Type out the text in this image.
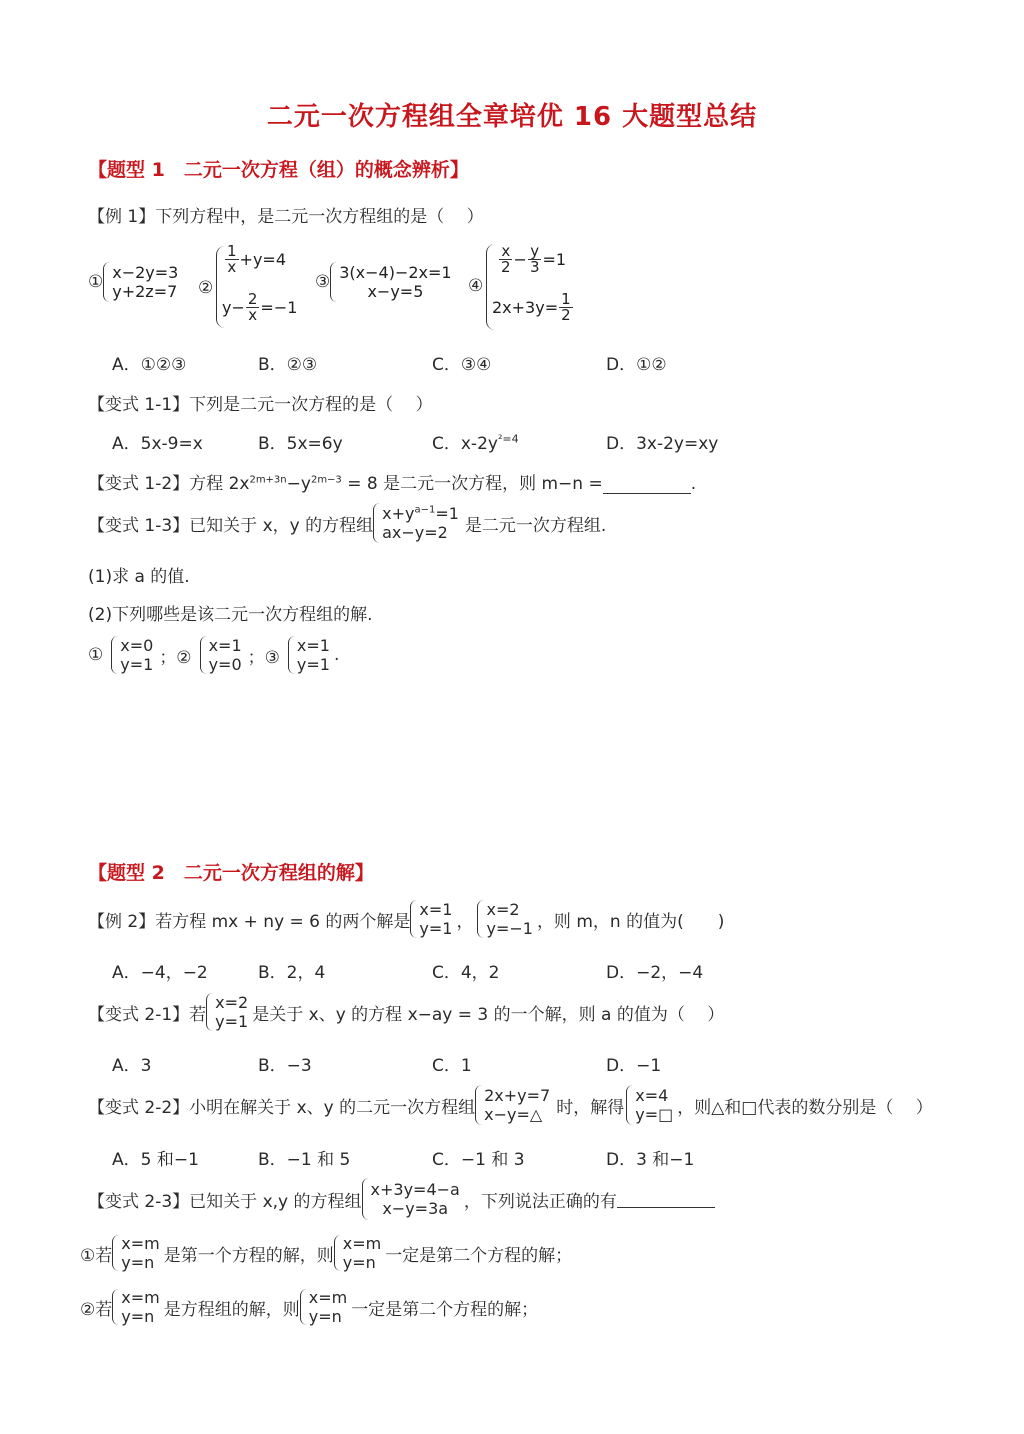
二元一次方程组全章培优 16 大题型总结
【题型 1　二元一次方程（组）的概念辨析】
【例 1】下列方程中，是二元一次方程组的是（　 ）
① x−2y=3
y+2z=7 ②
$\frac{1}{x} +y=4$
$y- \frac{2}{x} =-1$
③ 3(x−4)−2x=1
x−y=5	④
$\frac{x}{2} - \frac{y}{3} =1$
$2x+3y= \frac{1}{2}$
A．①②③	B．②③	C．③④	D．①②
【变式 1-1】下列是二元一次方程的是（　 ）
A．5x-9=x	B．5x=6y	C．$x-2y^{^2=4}$	D．3x-2y=xy
【变式 1-2】方程 $2x^{2m+3n}-y^{2m-3} = 8$ 是二元一次方程，则 m−n =	.
【变式 1-3】已知关于 x，y 的方程组
$x+y^{a-1}=1$
ax−y=2	是二元一次方程组.
(1)求 a 的值.
(2)下列哪些是该二元一次方程组的解.
① x=0
y=1 ；②
x=1
y=0 ；③
x=1
y=1 .
【题型 2　二元一次方程组的解】
【例 2】若方程 mx + ny = 6 的两个解是
x=1
y=1 ，
x=2
y=−1 ，则 m，n 的值为(　　)
A．−4，−2	B．2，4	C．4，2	D．−2，−4
【变式 2-1】若
x=2
y=1 是关于 x、y 的方程 x−ay = 3 的一个解，则 a 的值为（　 ）
A．3	B．−3	C．1	D．−1
【变式 2-2】小明在解关于 x、y 的二元一次方程组
2x+y=7
x−y=△ 时，解得
x=4
y=□ ，则△和□代表的数分别是（　 ）
A．5 和−1	B．−1 和 5	C．−1 和 3	D．3 和−1
【变式 2-3】已知关于 x,y 的方程组
x+3y=4−a
x−y=3a ，下列说法正确的有
①若
x=m
y=n 是第一个方程的解，则
x=m
y=n 一定是第二个方程的解；
②若
x=m
y=n 是方程组的解，则
x=m
y=n 一定是第二个方程的解；
